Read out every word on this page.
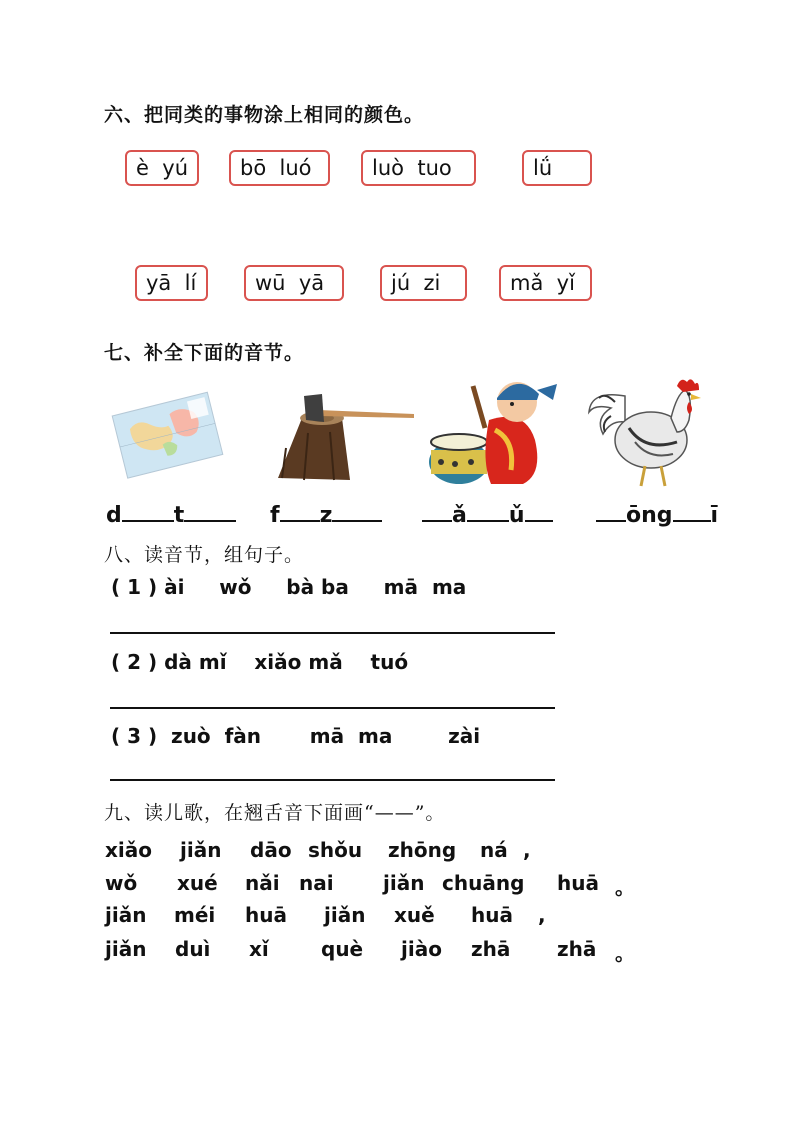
六、把同类的事物涂上相同的颜色。
è  yú	bō  luó	luò  tuo	lǘ
yā  lí	wū  yā	jú  zi	mǎ  yǐ
七、补全下面的音节。
d t	f z	ǎ ǔ	ōng ī
八、读音节，组句子。
( 1 ) ài     wǒ     bà ba     mā  ma
( 2 ) dà mǐ    xiǎo mǎ    tuó
( 3 )  zuò  fàn       mā  ma        zài
九、读儿歌，在翘舌音下面画“——”。
xiǎo jiǎn dāo shǒu zhōng ná ,
wǒ xué nǎi nai jiǎn chuāng huā 。
jiǎn méi huā jiǎn xuě huā ,
jiǎn duì xǐ	què jiào zhā zhā 。
